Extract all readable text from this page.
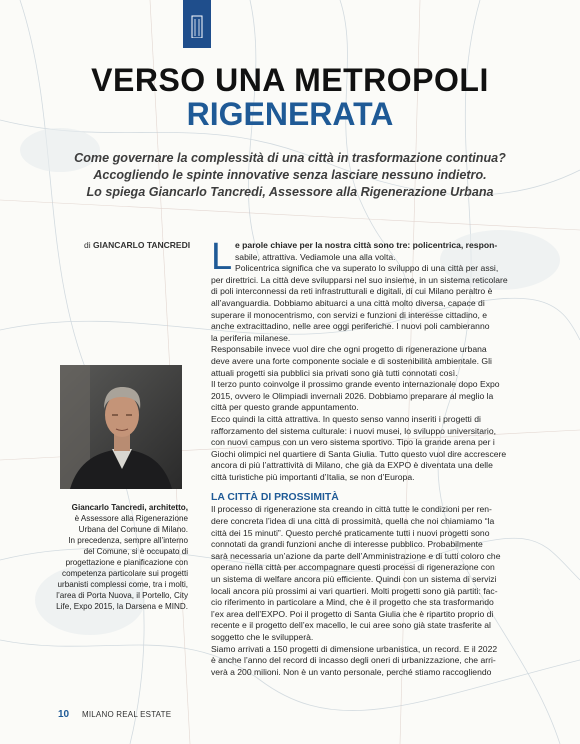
VERSO UNA METROPOLI
RIGENERATA
Come governare la complessità di una città in trasformazione continua?
Accogliendo le spinte innovative senza lasciare nessuno indietro.
Lo spiega Giancarlo Tancredi, Assessore alla Rigenerazione Urbana
di GIANCARLO TANCREDI
Giancarlo Tancredi, architetto,
è Assessore alla Rigenerazione
Urbana del Comune di Milano.
In precedenza, sempre all’interno
del Comune, si è occupato di
progettazione e pianificazione con
competenza particolare sui progetti
urbanisti complessi come, tra i molti,
l’area di Porta Nuova, il Portello, City
Life, Expo 2015, la Darsena e MIND.
L e parole chiave per la nostra città sono tre: policentrica, respon-
sabile, attrattiva. Vediamole una alla volta.
Policentrica significa che va superato lo sviluppo di una città per assi,
per direttrici. La città deve svilupparsi nel suo insieme, in un sistema reticolare
di poli interconnessi da reti infrastrutturali e digitali, di cui Milano peraltro è
all’avanguardia. Dobbiamo abituarci a una città molto diversa, capace di
superare il monocentrismo, con servizi e funzioni di interesse cittadino, e
anche extracittadino, nelle aree oggi periferiche. I nuovi poli cambieranno
la periferia milanese.
Responsabile invece vuol dire che ogni progetto di rigenerazione urbana
deve avere una forte componente sociale e di sostenibilità ambientale. Gli
attuali progetti sia pubblici sia privati sono già tutti connotati così.
Il terzo punto coinvolge il prossimo grande evento internazionale dopo Expo
2015, ovvero le Olimpiadi invernali 2026. Dobbiamo preparare al meglio la
città per questo grande appuntamento.
Ecco quindi la città attrattiva. In questo senso vanno inseriti i progetti di
rafforzamento del sistema culturale: i nuovi musei, lo sviluppo universitario,
con nuovi campus con un vero sistema sportivo. Tipo la grande arena per i
Giochi olimpici nel quartiere di Santa Giulia. Tutto questo vuol dire accrescere
ancora di più l’attrattività di Milano, che già da EXPO è diventata una delle
città turistiche più importanti d’Italia, se non d’Europa.
LA CITTÀ DI PROSSIMITÀ
Il processo di rigenerazione sta creando in città tutte le condizioni per ren-
dere concreta l’idea di una città di prossimità, quella che noi chiamiamo “la
città dei 15 minuti”. Questo perché praticamente tutti i nuovi progetti sono
connotati da grandi funzioni anche di interesse pubblico. Probabilmente
sarà necessaria un’azione da parte dell’Amministrazione e di tutti coloro che
operano nella città per accompagnare questi processi di rigenerazione con
un sistema di welfare ancora più efficiente. Quindi con un sistema di servizi
locali ancora più prossimi ai vari quartieri. Molti progetti sono già partiti: fac-
cio riferimento in particolare a Mind, che è il progetto che sta trasformando
l’ex area dell’EXPO. Poi il progetto di Santa Giulia che è ripartito proprio di
recente e il progetto dell’ex macello, le cui aree sono già state trasferite al
soggetto che le svilupperà.
Siamo arrivati a 150 progetti di dimensione urbanistica, un record. E il 2022
è anche l’anno del record di incasso degli oneri di urbanizzazione, che arri-
verà a 200 milioni. Non è un vanto personale, perché stiamo raccogliendo
10 MILANO REAL ESTATE
